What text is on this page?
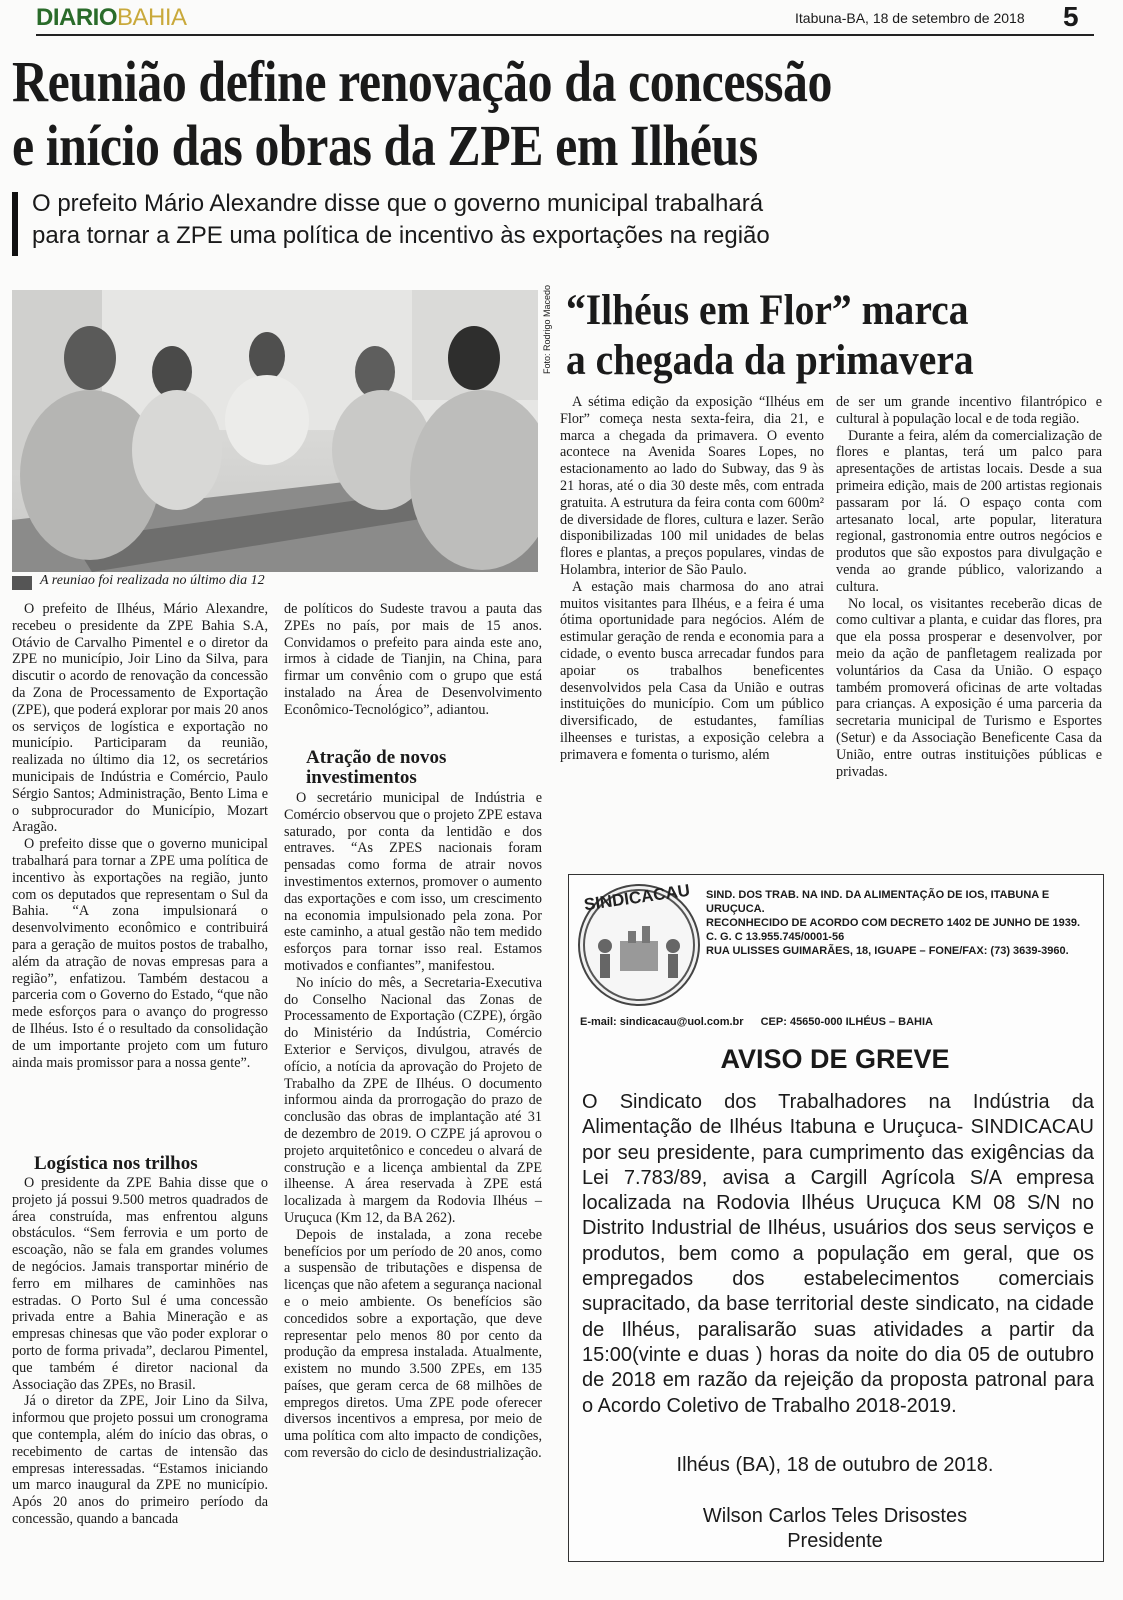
DIARIOBAHIA	Itabuna-BA, 18 de setembro de 2018 5
Reunião define renovação da concessão
e início das obras da ZPE em Ilhéus
O prefeito Mário Alexandre disse que o governo municipal trabalhará
para tornar a ZPE uma política de incentivo às exportações na região
Foto: Rodrigo Macedo
A reuniao foi realizada no último dia 12

O prefeito de Ilhéus, Mário Alexandre, recebeu o presidente da ZPE Bahia S.A, Otávio de Carvalho Pimentel e o diretor da ZPE no município, Joir Lino da Silva, para discutir o acordo de renovação da concessão da Zona de Processamento de Exportação (ZPE), que poderá explorar por mais 20 anos os serviços de logística e exportação no município. Participaram da reunião, realizada no último dia 12, os secretários municipais de Indústria e Comércio, Paulo Sérgio Santos; Administração, Bento Lima e o subprocurador do Município, Mozart Aragão.

O prefeito disse que o governo municipal trabalhará para tornar a ZPE uma política de incentivo às exportações na região, junto com os deputados que representam o Sul da Bahia. “A zona impulsionará o desenvolvimento econômico e contribuirá para a geração de muitos postos de trabalho, além da atração de novas empresas para a região”, enfatizou. Também destacou a parceria com o Governo do Estado, “que não mede esforços para o avanço do progresso de Ilhéus. Isto é o resultado da consolidação de um importante projeto com um futuro ainda mais promissor para a nossa gente”.

Logística nos trilhos

O presidente da ZPE Bahia disse que o projeto já possui 9.500 metros quadrados de área construída, mas enfrentou alguns obstáculos. “Sem ferrovia e um porto de escoação, não se fala em grandes volumes de negócios. Jamais transportar minério de ferro em milhares de caminhões nas estradas. O Porto Sul é uma concessão privada entre a Bahia Mineração e as empresas chinesas que vão poder explorar o porto de forma privada”, declarou Pimentel, que também é diretor nacional da Associação das ZPEs, no Brasil.

Já o diretor da ZPE, Joir Lino da Silva, informou que projeto possui um cronograma que contempla, além do início das obras, o recebimento de cartas de intensão das empresas interessadas. “Estamos iniciando um marco inaugural da ZPE no município. Após 20 anos do primeiro período da concessão, quando a bancada

de políticos do Sudeste travou a pauta das ZPEs no país, por mais de 15 anos. Convidamos o prefeito para ainda este ano, irmos à cidade de Tianjin, na China, para firmar um convênio com o grupo que está instalado na Área de Desenvolvimento Econômico-Tecnológico”, adiantou.

Atração de novos investimentos

O secretário municipal de Indústria e Comércio observou que o projeto ZPE estava saturado, por conta da lentidão e dos entraves. “As ZPES nacionais foram pensadas como forma de atrair novos investimentos externos, promover o aumento das exportações e com isso, um crescimento na economia impulsionado pela zona. Por este caminho, a atual gestão não tem medido esforços para tornar isso real. Estamos motivados e confiantes”, manifestou.

No início do mês, a Secretaria-Executiva do Conselho Nacional das Zonas de Processamento de Exportação (CZPE), órgão do Ministério da Indústria, Comércio Exterior e Serviços, divulgou, através de ofício, a notícia da aprovação do Projeto de Trabalho da ZPE de Ilhéus. O documento informou ainda da prorrogação do prazo de conclusão das obras de implantação até 31 de dezembro de 2019. O CZPE já aprovou o projeto arquitetônico e concedeu o alvará de construção e a licença ambiental da ZPE ilheense. A área reservada à ZPE está localizada à margem da Rodovia Ilhéus – Uruçuca (Km 12, da BA 262).

Depois de instalada, a zona recebe benefícios por um período de 20 anos, como a suspensão de tributações e dispensa de licenças que não afetem a segurança nacional e o meio ambiente. Os benefícios são concedidos sobre a exportação, que deve representar pelo menos 80 por cento da produção da empresa instalada. Atualmente, existem no mundo 3.500 ZPEs, em 135 países, que geram cerca de 68 milhões de empregos diretos. Uma ZPE pode oferecer diversos incentivos a empresa, por meio de uma política com alto impacto de condições, com reversão do ciclo de desindustrialização.

“Ilhéus em Flor” marca
a chegada da primavera

A sétima edição da exposição “Ilhéus em Flor” começa nesta sexta-feira, dia 21, e marca a chegada da primavera. O evento acontece na Avenida Soares Lopes, no estacionamento ao lado do Subway, das 9 às 21 horas, até o dia 30 deste mês, com entrada gratuita. A estrutura da feira conta com 600m² de diversidade de flores, cultura e lazer. Serão disponibilizadas 100 mil unidades de belas flores e plantas, a preços populares, vindas de Holambra, interior de São Paulo.

A estação mais charmosa do ano atrai muitos visitantes para Ilhéus, e a feira é uma ótima oportunidade para negócios. Além de estimular geração de renda e economia para a cidade, o evento busca arrecadar fundos para apoiar os trabalhos beneficentes desenvolvidos pela Casa da União e outras instituições do município. Com um público diversificado, de estudantes, famílias ilheenses e turistas, a exposição celebra a primavera e fomenta o turismo, além

de ser um grande incentivo filantrópico e cultural à população local e de toda região.

Durante a feira, além da comercialização de flores e plantas, terá um palco para apresentações de artistas locais. Desde a sua primeira edição, mais de 200 artistas regionais passaram por lá. O espaço conta com artesanato local, arte popular, literatura regional, gastronomia entre outros negócios e produtos que são expostos para divulgação e venda ao grande público, valorizando a cultura.

No local, os visitantes receberão dicas de como cultivar a planta, e cuidar das flores, pra que ela possa prosperar e desenvolver, por meio da ação de panfletagem realizada por voluntários da Casa da União. O espaço também promoverá oficinas de arte voltadas para crianças. A exposição é uma parceria da secretaria municipal de Turismo e Esportes (Setur) e da Associação Beneficente Casa da União, entre outras instituições públicas e privadas.

SINDICACAU	SIND. DOS TRAB. NA IND. DA ALIMENTAÇÃO DE IOS, ITABUNA E URUÇUCA.
RECONHECIDO DE ACORDO COM DECRETO 1402 DE JUNHO DE 1939.
C. G. C 13.955.745/0001-56
RUA ULISSES GUIMARÃES, 18, IGUAPE – FONE/FAX: (73) 3639-3960.
E-mail: sindicacau@uol.com.br CEP: 45650-000 ILHÉUS – BAHIA
AVISO DE GREVE
O Sindicato dos Trabalhadores na Indústria da Alimentação de Ilhéus Itabuna e Uruçuca- SINDICACAU por seu presidente, para cumprimento das exigências da Lei 7.783/89, avisa a Cargill Agrícola S/A empresa localizada na Rodovia Ilhéus Uruçuca KM 08 S/N no Distrito Industrial de Ilhéus, usuários dos seus serviços e produtos, bem como a população em geral, que os empregados dos estabelecimentos comerciais supracitado, da base territorial deste sindicato, na cidade de Ilhéus, paralisarão suas atividades a partir da 15:00(vinte e duas ) horas da noite do dia 05 de outubro de 2018 em razão da rejeição da proposta patronal para o Acordo Coletivo de Trabalho 2018-2019.
Ilhéus (BA), 18 de outubro de 2018.
Wilson Carlos Teles Drisostes
Presidente
